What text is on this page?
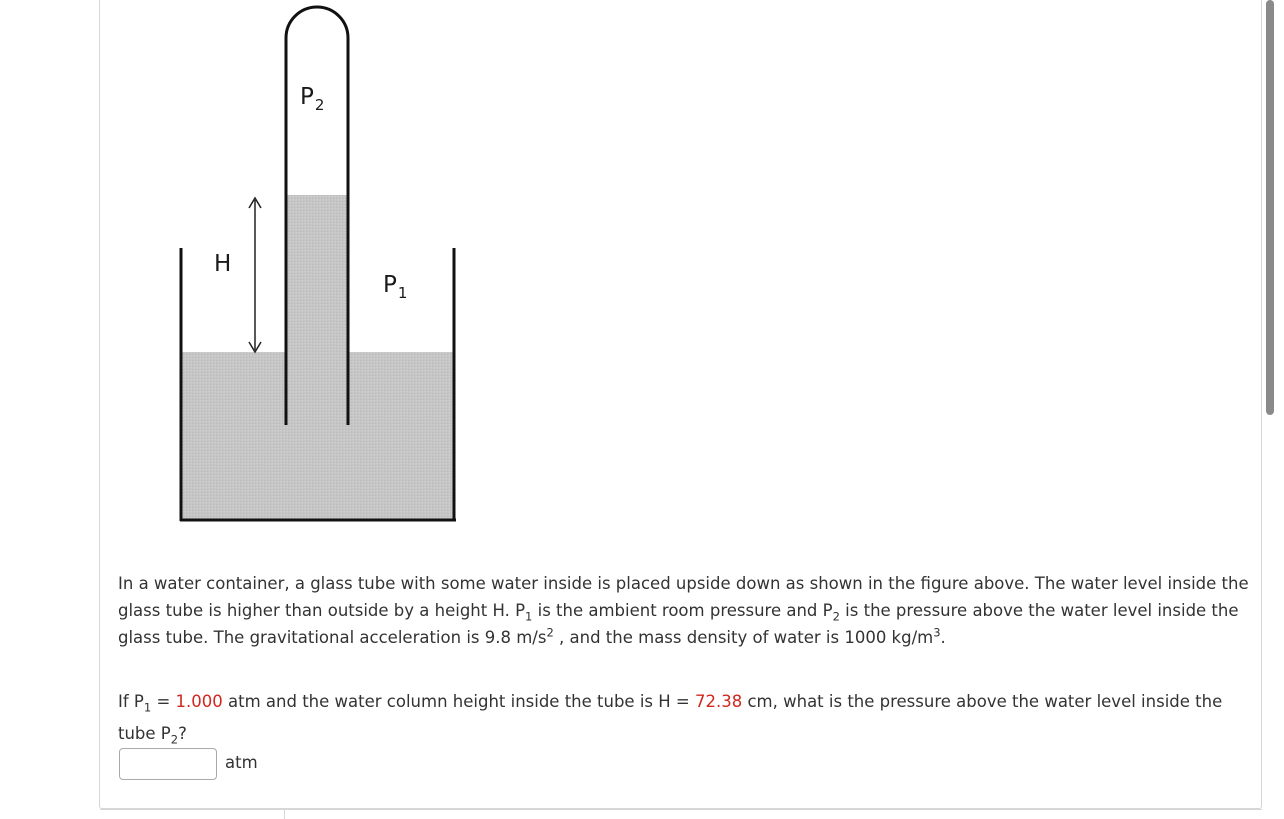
H
$P_2$
$P_1$

In a water container, a glass tube with some water inside is placed upside down as shown in the figure above. The water level inside the glass tube is higher than outside by a height H. $P_1$ is the ambient room pressure and $P_2$ is the pressure above the water level inside the glass tube. The gravitational acceleration is 9.8 $m/s^2$ , and the mass density of water is 1000 $kg/m^3$.

If $P_1 = 1.000$ atm and the water column height inside the tube is H = 72.38 cm, what is the pressure above the water level inside the tube $P_2$?
atm
